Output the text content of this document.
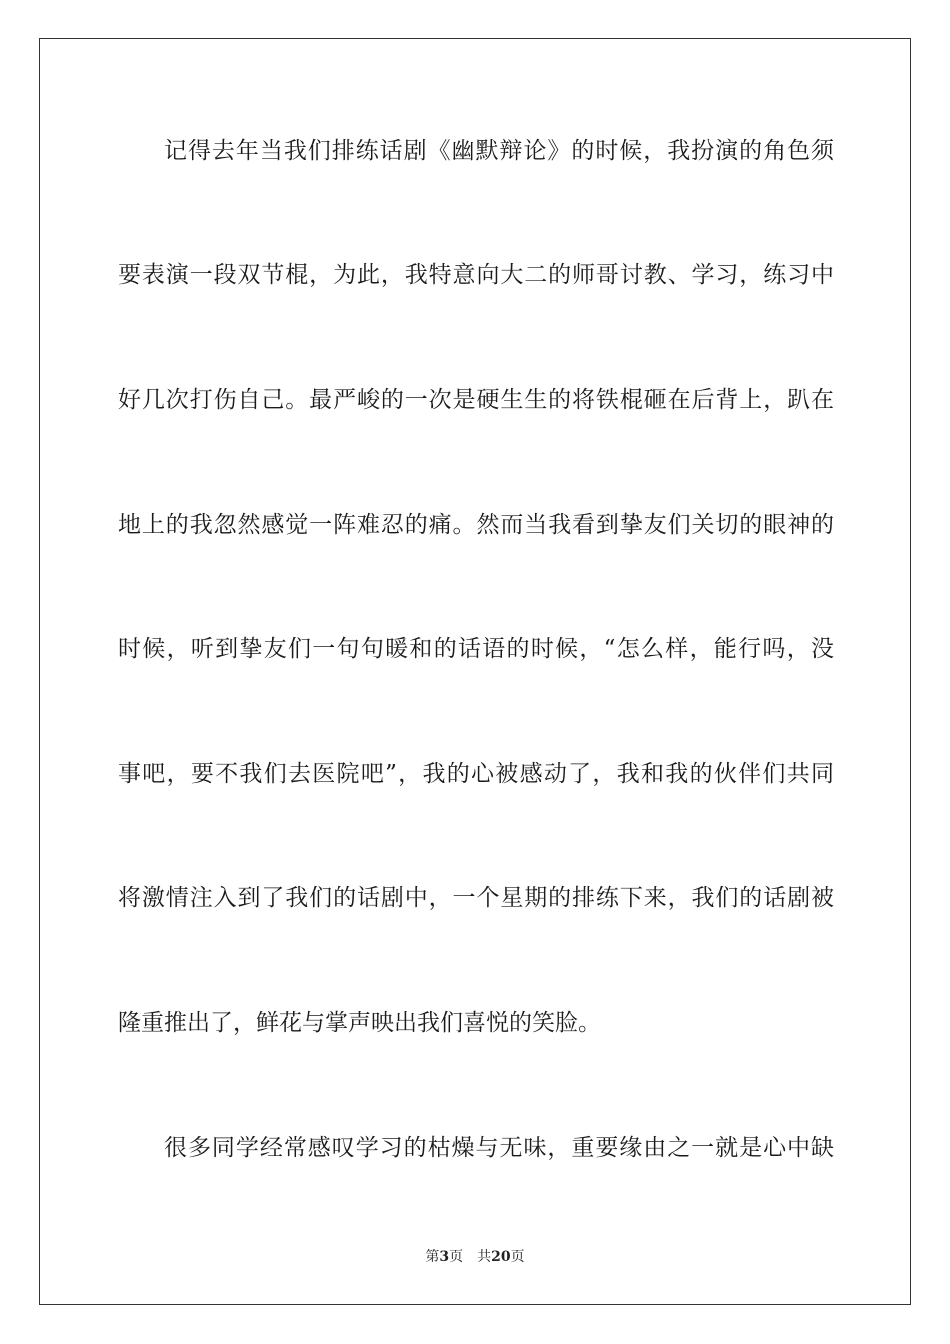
记得去年当我们排练话剧《幽默辩论》的时候，我扮演的角色须
要表演一段双节棍，为此，我特意向大二的师哥讨教、学习，练习中
好几次打伤自己。最严峻的一次是硬生生的将铁棍砸在后背上，趴在
地上的我忽然感觉一阵难忍的痛。然而当我看到挚友们关切的眼神的
时候，听到挚友们一句句暖和的话语的时候，“怎么样，能行吗，没
事吧，要不我们去医院吧”，我的心被感动了，我和我的伙伴们共同
将激情注入到了我们的话剧中，一个星期的排练下来，我们的话剧被
隆重推出了，鲜花与掌声映出我们喜悦的笑脸。
很多同学经常感叹学习的枯燥与无味，重要缘由之一就是心中缺
第3页 共20页
